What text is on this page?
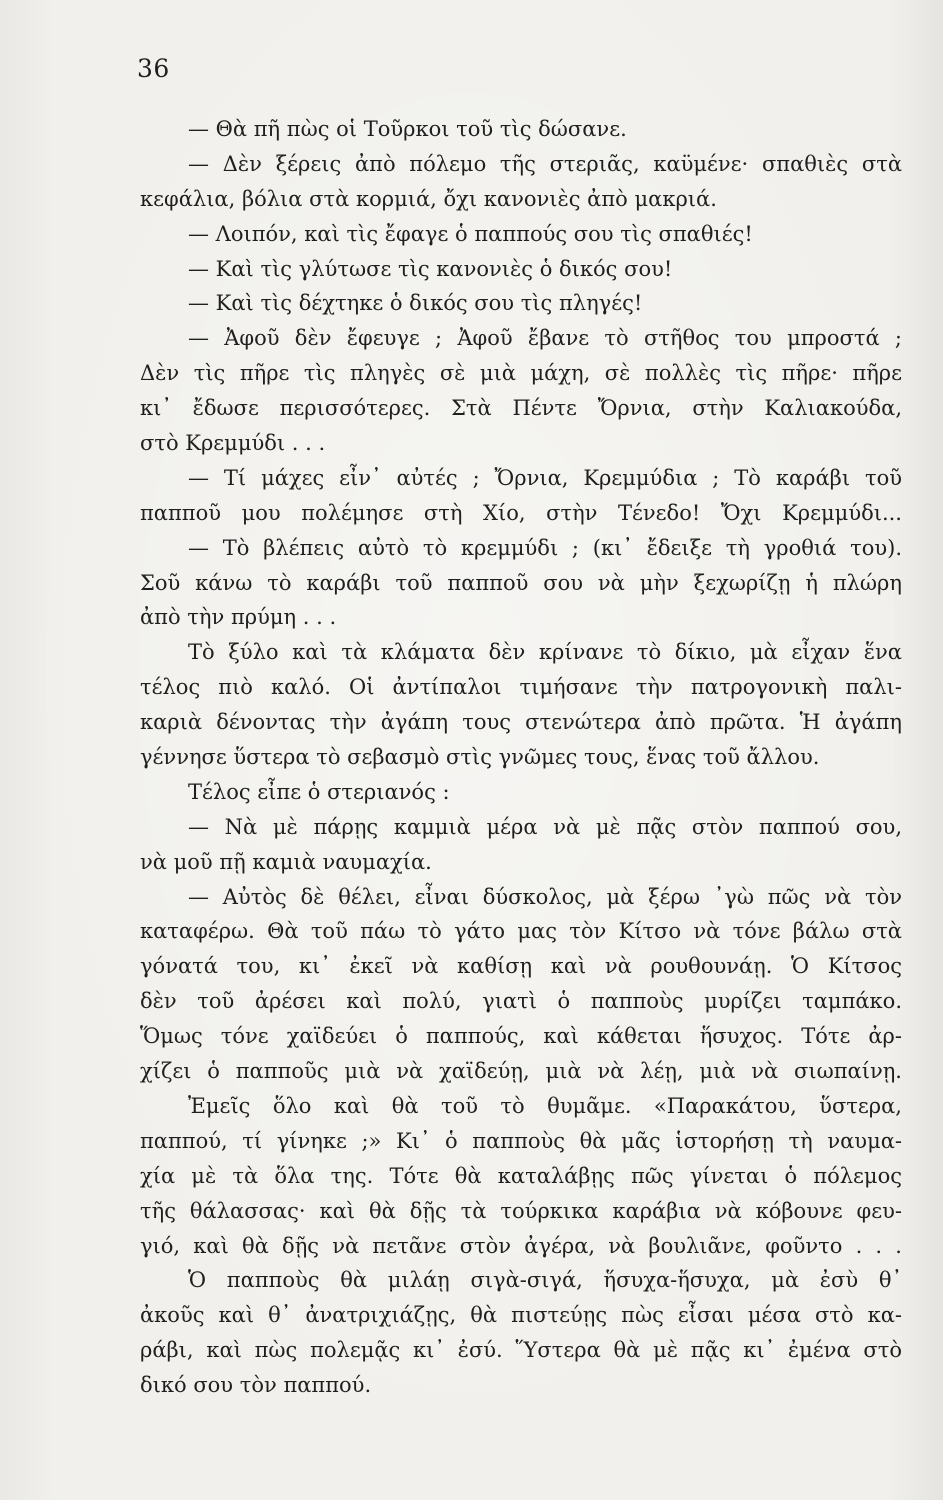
36
— Θὰ πῆ πὼς οἱ Τοῦρκοι τοῦ τὶς δώσανε.
— Δὲν ξέρεις ἀπὸ πόλεμο τῆς στεριᾶς, καϋμένε· σπαθιὲς στὰ
κεφάλια, βόλια στὰ κορμιά, ὄχι κανονιὲς ἀπὸ μακριά.
— Λοιπόν, καὶ τὶς ἔφαγε ὁ παππούς σου τὶς σπαθιές!
— Καὶ τὶς γλύτωσε τὶς κανονιὲς ὁ δικός σου!
— Καὶ τὶς δέχτηκε ὁ δικός σου τὶς πληγές!
— Ἀφοῦ δὲν ἔφευγε ; Ἀφοῦ ἔβανε τὸ στῆθος του μπροστά ;
Δὲν τὶς πῆρε τὶς πληγὲς σὲ μιὰ μάχη, σὲ πολλὲς τὶς πῆρε· πῆρε
κι᾿ ἔδωσε περισσότερες. Στὰ Πέντε Ὄρνια, στὴν Καλιακούδα,
στὸ Κρεμμύδι . . .
— Τί μάχες εἶν᾿ αὐτές ; Ὄρνια, Κρεμμύδια ; Τὸ καράβι τοῦ
παπποῦ μου πολέμησε στὴ Χίο, στὴν Τένεδο! Ὄχι Κρεμμύδι...
— Τὸ βλέπεις αὐτὸ τὸ κρεμμύδι ; (κι᾿ ἔδειξε τὴ γροθιά του).
Σοῦ κάνω τὸ καράβι τοῦ παπποῦ σου νὰ μὴν ξεχωρίζῃ ἡ πλώρη
ἀπὸ τὴν πρύμη . . .
Τὸ ξύλο καὶ τὰ κλάματα δὲν κρίνανε τὸ δίκιο, μὰ εἶχαν ἕνα
τέλος πιὸ καλό. Οἱ ἀντίπαλοι τιμήσανε τὴν πατρογονικὴ παλι-
καριὰ δένοντας τὴν ἀγάπη τους στενώτερα ἀπὸ πρῶτα. Ἡ ἀγάπη
γέννησε ὕστερα τὸ σεβασμὸ στὶς γνῶμες τους, ἕνας τοῦ ἄλλου.
Τέλος εἶπε ὁ στεριανός :
— Νὰ μὲ πάρῃς καμμιὰ μέρα νὰ μὲ πᾷς στὸν παππού σου,
νὰ μοῦ πῇ καμιὰ ναυμαχία.
— Αὐτὸς δὲ θέλει, εἶναι δύσκολος, μὰ ξέρω ᾿γὼ πῶς νὰ τὸν
καταφέρω. Θὰ τοῦ πάω τὸ γάτο μας τὸν Κίτσο νὰ τόνε βάλω στὰ
γόνατά του, κι᾿ ἐκεῖ νὰ καθίσῃ καὶ νὰ ρουθουνάῃ. Ὁ Κίτσος
δὲν τοῦ ἀρέσει καὶ πολύ, γιατὶ ὁ παπποὺς μυρίζει ταμπάκο.
Ὅμως τόνε χαϊδεύει ὁ παππούς, καὶ κάθεται ἥσυχος. Τότε ἀρ-
χίζει ὁ παπποῦς μιὰ νὰ χαϊδεύῃ, μιὰ νὰ λέῃ, μιὰ νὰ σιωπαίνῃ.
Ἐμεῖς ὅλο καὶ θὰ τοῦ τὸ θυμᾶμε. «Παρακάτου, ὕστερα,
παππού, τί γίνηκε ;» Κι᾿ ὁ παπποὺς θὰ μᾶς ἱστορήσῃ τὴ ναυμα-
χία μὲ τὰ ὅλα της. Τότε θὰ καταλάβῃς πῶς γίνεται ὁ πόλεμος
τῆς θάλασσας· καὶ θὰ δῇς τὰ τούρκικα καράβια νὰ κόβουνε φευ-
γιό, καὶ θὰ δῇς νὰ πετᾶνε στὸν ἀγέρα, νὰ βουλιᾶνε, φοῦντο . . .
Ὁ παπποὺς θὰ μιλάῃ σιγὰ-σιγά, ἥσυχα-ἥσυχα, μὰ ἐσὺ θ᾿
ἀκοῦς καὶ θ᾿ ἀνατριχιάζῃς, θὰ πιστεύῃς πὼς εἶσαι μέσα στὸ κα-
ράβι, καὶ πὼς πολεμᾷς κι᾿ ἐσύ. Ὕστερα θὰ μὲ πᾷς κι᾿ ἐμένα στὸ
δικό σου τὸν παππού.
